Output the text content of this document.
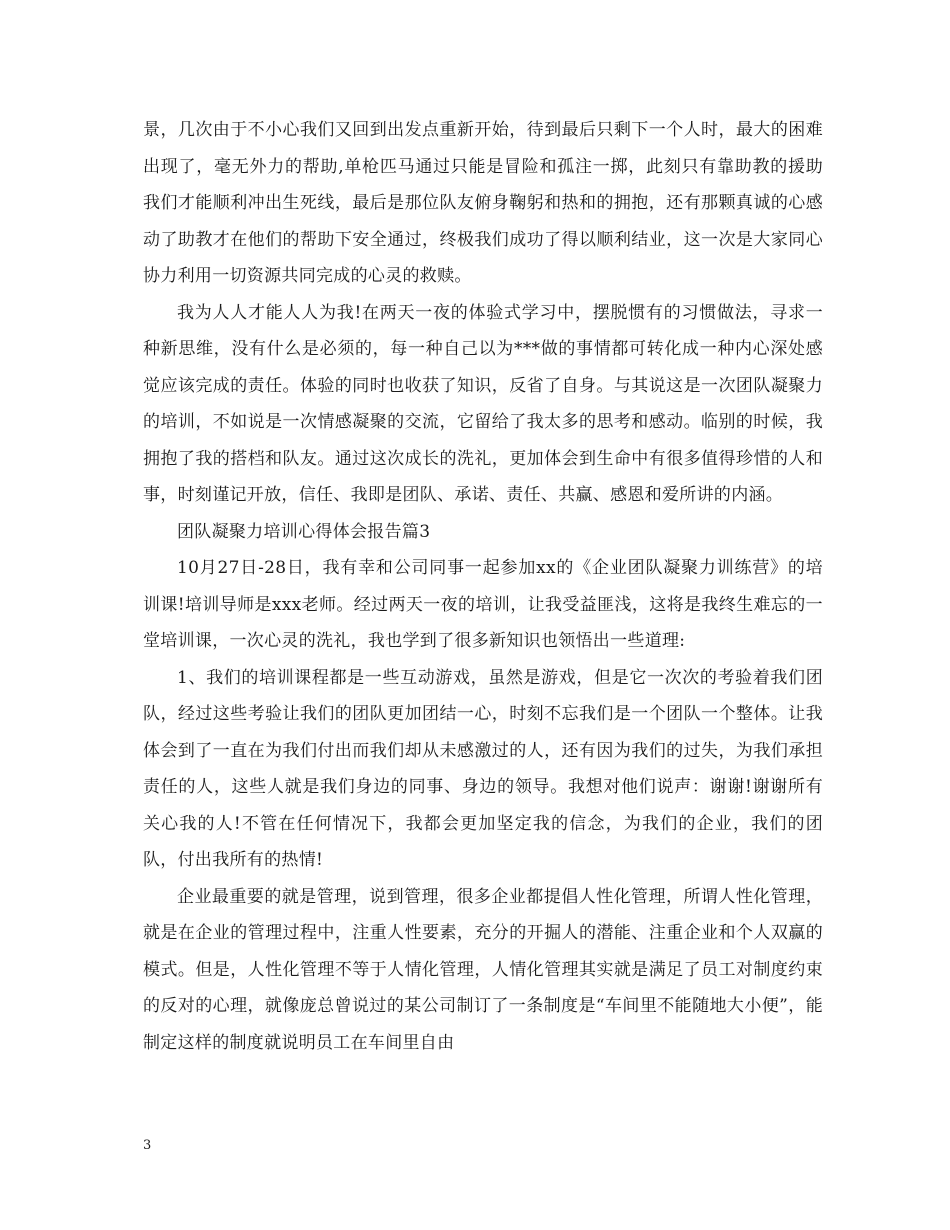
景，几次由于不小心我们又回到出发点重新开始，待到最后只剩下一个人时，最大的困难出现了，毫无外力的帮助,单枪匹马通过只能是冒险和孤注一掷，此刻只有靠助教的援助我们才能顺利冲出生死线，最后是那位队友俯身鞠躬和热和的拥抱，还有那颗真诚的心感动了助教才在他们的帮助下安全通过，终极我们成功了得以顺利结业，这一次是大家同心协力利用一切资源共同完成的心灵的救赎。

我为人人才能人人为我!在两天一夜的体验式学习中，摆脱惯有的习惯做法，寻求一种新思维，没有什么是必须的，每一种自己以为***做的事情都可转化成一种内心深处感觉应该完成的责任。体验的同时也收获了知识，反省了自身。与其说这是一次团队凝聚力的培训，不如说是一次情感凝聚的交流，它留给了我太多的思考和感动。临别的时候，我拥抱了我的搭档和队友。通过这次成长的洗礼，更加体会到生命中有很多值得珍惜的人和事，时刻谨记开放，信任、我即是团队、承诺、责任、共赢、感恩和爱所讲的内涵。

团队凝聚力培训心得体会报告篇3

10月27日-28日，我有幸和公司同事一起参加xx的《企业团队凝聚力训练营》的培训课!培训导师是xxx老师。经过两天一夜的培训，让我受益匪浅，这将是我终生难忘的一堂培训课，一次心灵的洗礼，我也学到了很多新知识也领悟出一些道理:

1、我们的培训课程都是一些互动游戏，虽然是游戏，但是它一次次的考验着我们团队，经过这些考验让我们的团队更加团结一心，时刻不忘我们是一个团队一个整体。让我体会到了一直在为我们付出而我们却从未感激过的人，还有因为我们的过失，为我们承担责任的人，这些人就是我们身边的同事、身边的领导。我想对他们说声：谢谢!谢谢所有关心我的人!不管在任何情况下，我都会更加坚定我的信念，为我们的企业，我们的团队，付出我所有的热情!

企业最重要的就是管理，说到管理，很多企业都提倡人性化管理，所谓人性化管理，就是在企业的管理过程中，注重人性要素，充分的开掘人的潜能、注重企业和个人双赢的模式。但是，人性化管理不等于人情化管理，人情化管理其实就是满足了员工对制度约束的反对的心理，就像庞总曾说过的某公司制订了一条制度是“车间里不能随地大小便”，能制定这样的制度就说明员工在车间里自由

3
